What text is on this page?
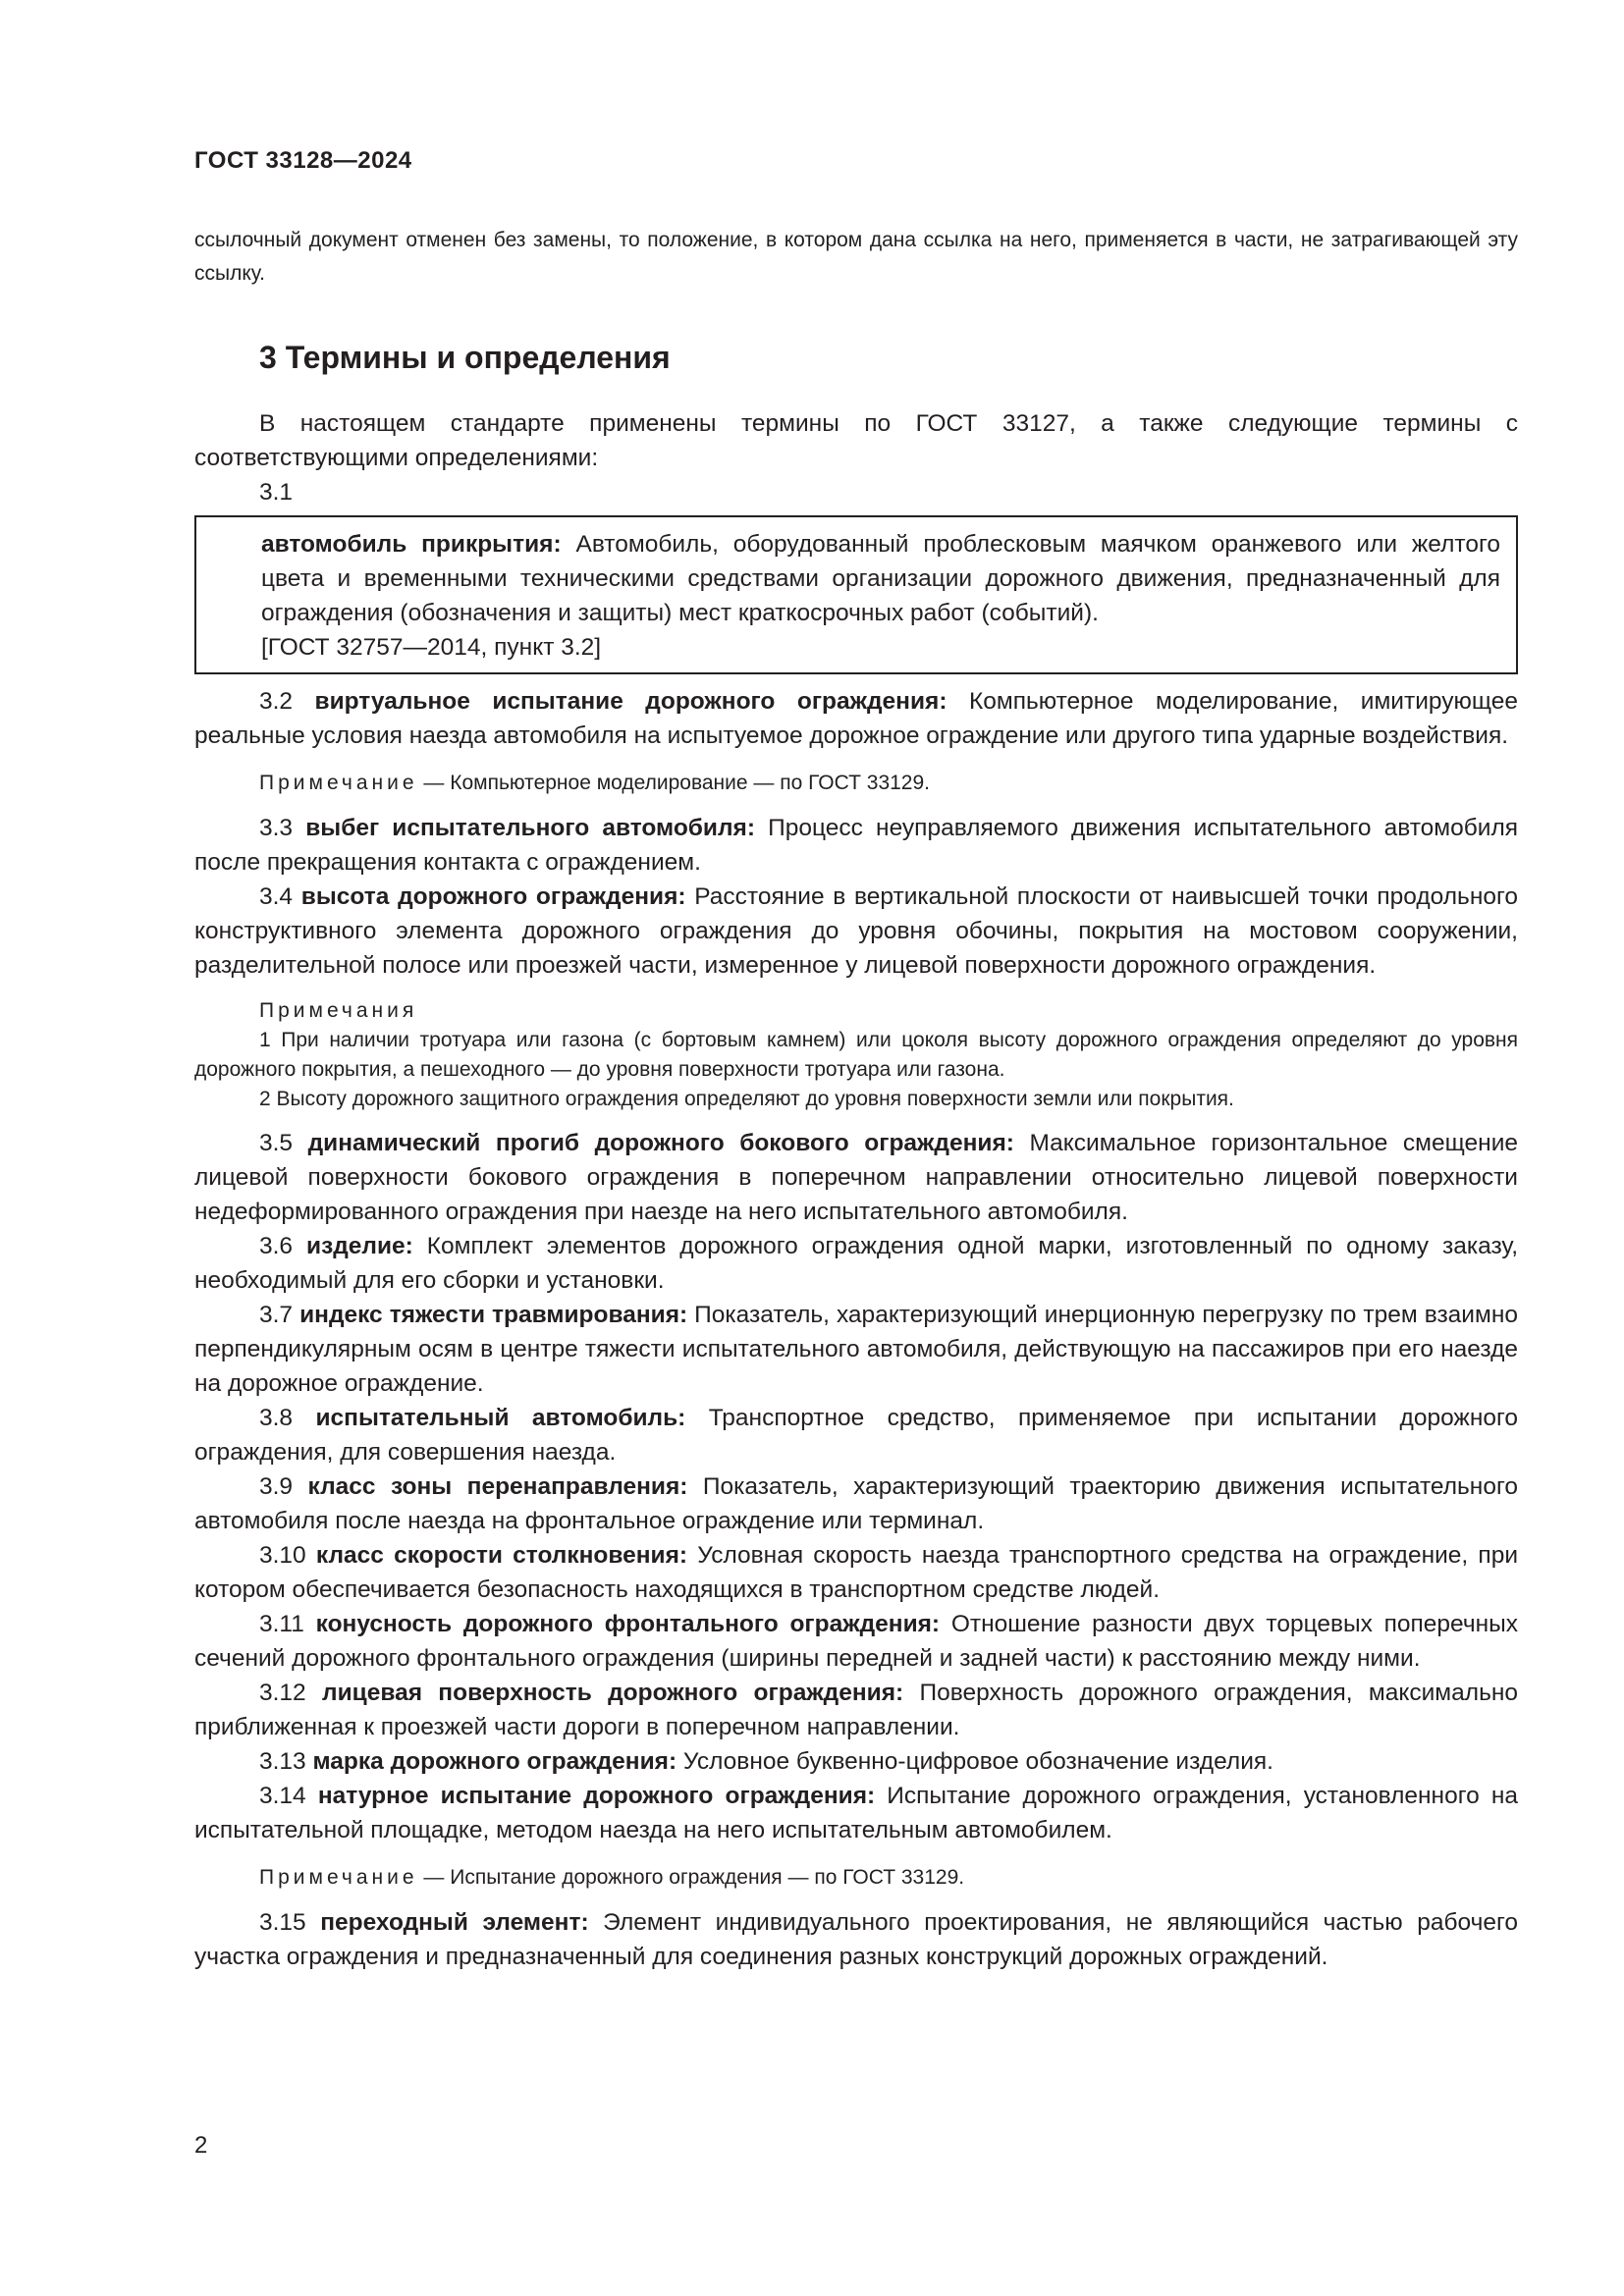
ГОСТ 33128—2024
ссылочный документ отменен без замены, то положение, в котором дана ссылка на него, применяется в части, не затрагивающей эту ссылку.
3 Термины и определения

В настоящем стандарте применены термины по ГОСТ 33127, а также следующие термины с соответствующими определениями:

3.1

автомобиль прикрытия: Автомобиль, оборудованный проблесковым маячком оранжевого или желтого цвета и временными техническими средствами организации дорожного движения, предназначенный для ограждения (обозначения и защиты) мест краткосрочных работ (событий).

[ГОСТ 32757—2014, пункт 3.2]

3.2 виртуальное испытание дорожного ограждения: Компьютерное моделирование, имитирующее реальные условия наезда автомобиля на испытуемое дорожное ограждение или другого типа ударные воздействия.

Примечание — Компьютерное моделирование — по ГОСТ 33129.

3.3 выбег испытательного автомобиля: Процесс неуправляемого движения испытательного автомобиля после прекращения контакта с ограждением.

3.4 высота дорожного ограждения: Расстояние в вертикальной плоскости от наивысшей точки продольного конструктивного элемента дорожного ограждения до уровня обочины, покрытия на мостовом сооружении, разделительной полосе или проезжей части, измеренное у лицевой поверхности дорожного ограждения.

Примечания

1 При наличии тротуара или газона (с бортовым камнем) или цоколя высоту дорожного ограждения определяют до уровня дорожного покрытия, а пешеходного — до уровня поверхности тротуара или газона.

2 Высоту дорожного защитного ограждения определяют до уровня поверхности земли или покрытия.

3.5 динамический прогиб дорожного бокового ограждения: Максимальное горизонтальное смещение лицевой поверхности бокового ограждения в поперечном направлении относительно лицевой поверхности недеформированного ограждения при наезде на него испытательного автомобиля.

3.6 изделие: Комплект элементов дорожного ограждения одной марки, изготовленный по одному заказу, необходимый для его сборки и установки.

3.7 индекс тяжести травмирования: Показатель, характеризующий инерционную перегрузку по трем взаимно перпендикулярным осям в центре тяжести испытательного автомобиля, действующую на пассажиров при его наезде на дорожное ограждение.

3.8 испытательный автомобиль: Транспортное средство, применяемое при испытании дорожного ограждения, для совершения наезда.

3.9 класс зоны перенаправления: Показатель, характеризующий траекторию движения испытательного автомобиля после наезда на фронтальное ограждение или терминал.

3.10 класс скорости столкновения: Условная скорость наезда транспортного средства на ограждение, при котором обеспечивается безопасность находящихся в транспортном средстве людей.

3.11 конусность дорожного фронтального ограждения: Отношение разности двух торцевых поперечных сечений дорожного фронтального ограждения (ширины передней и задней части) к расстоянию между ними.

3.12 лицевая поверхность дорожного ограждения: Поверхность дорожного ограждения, максимально приближенная к проезжей части дороги в поперечном направлении.

3.13 марка дорожного ограждения: Условное буквенно-цифровое обозначение изделия.

3.14 натурное испытание дорожного ограждения: Испытание дорожного ограждения, установленного на испытательной площадке, методом наезда на него испытательным автомобилем.

Примечание — Испытание дорожного ограждения — по ГОСТ 33129.

3.15 переходный элемент: Элемент индивидуального проектирования, не являющийся частью рабочего участка ограждения и предназначенный для соединения разных конструкций дорожных ограждений.

2
